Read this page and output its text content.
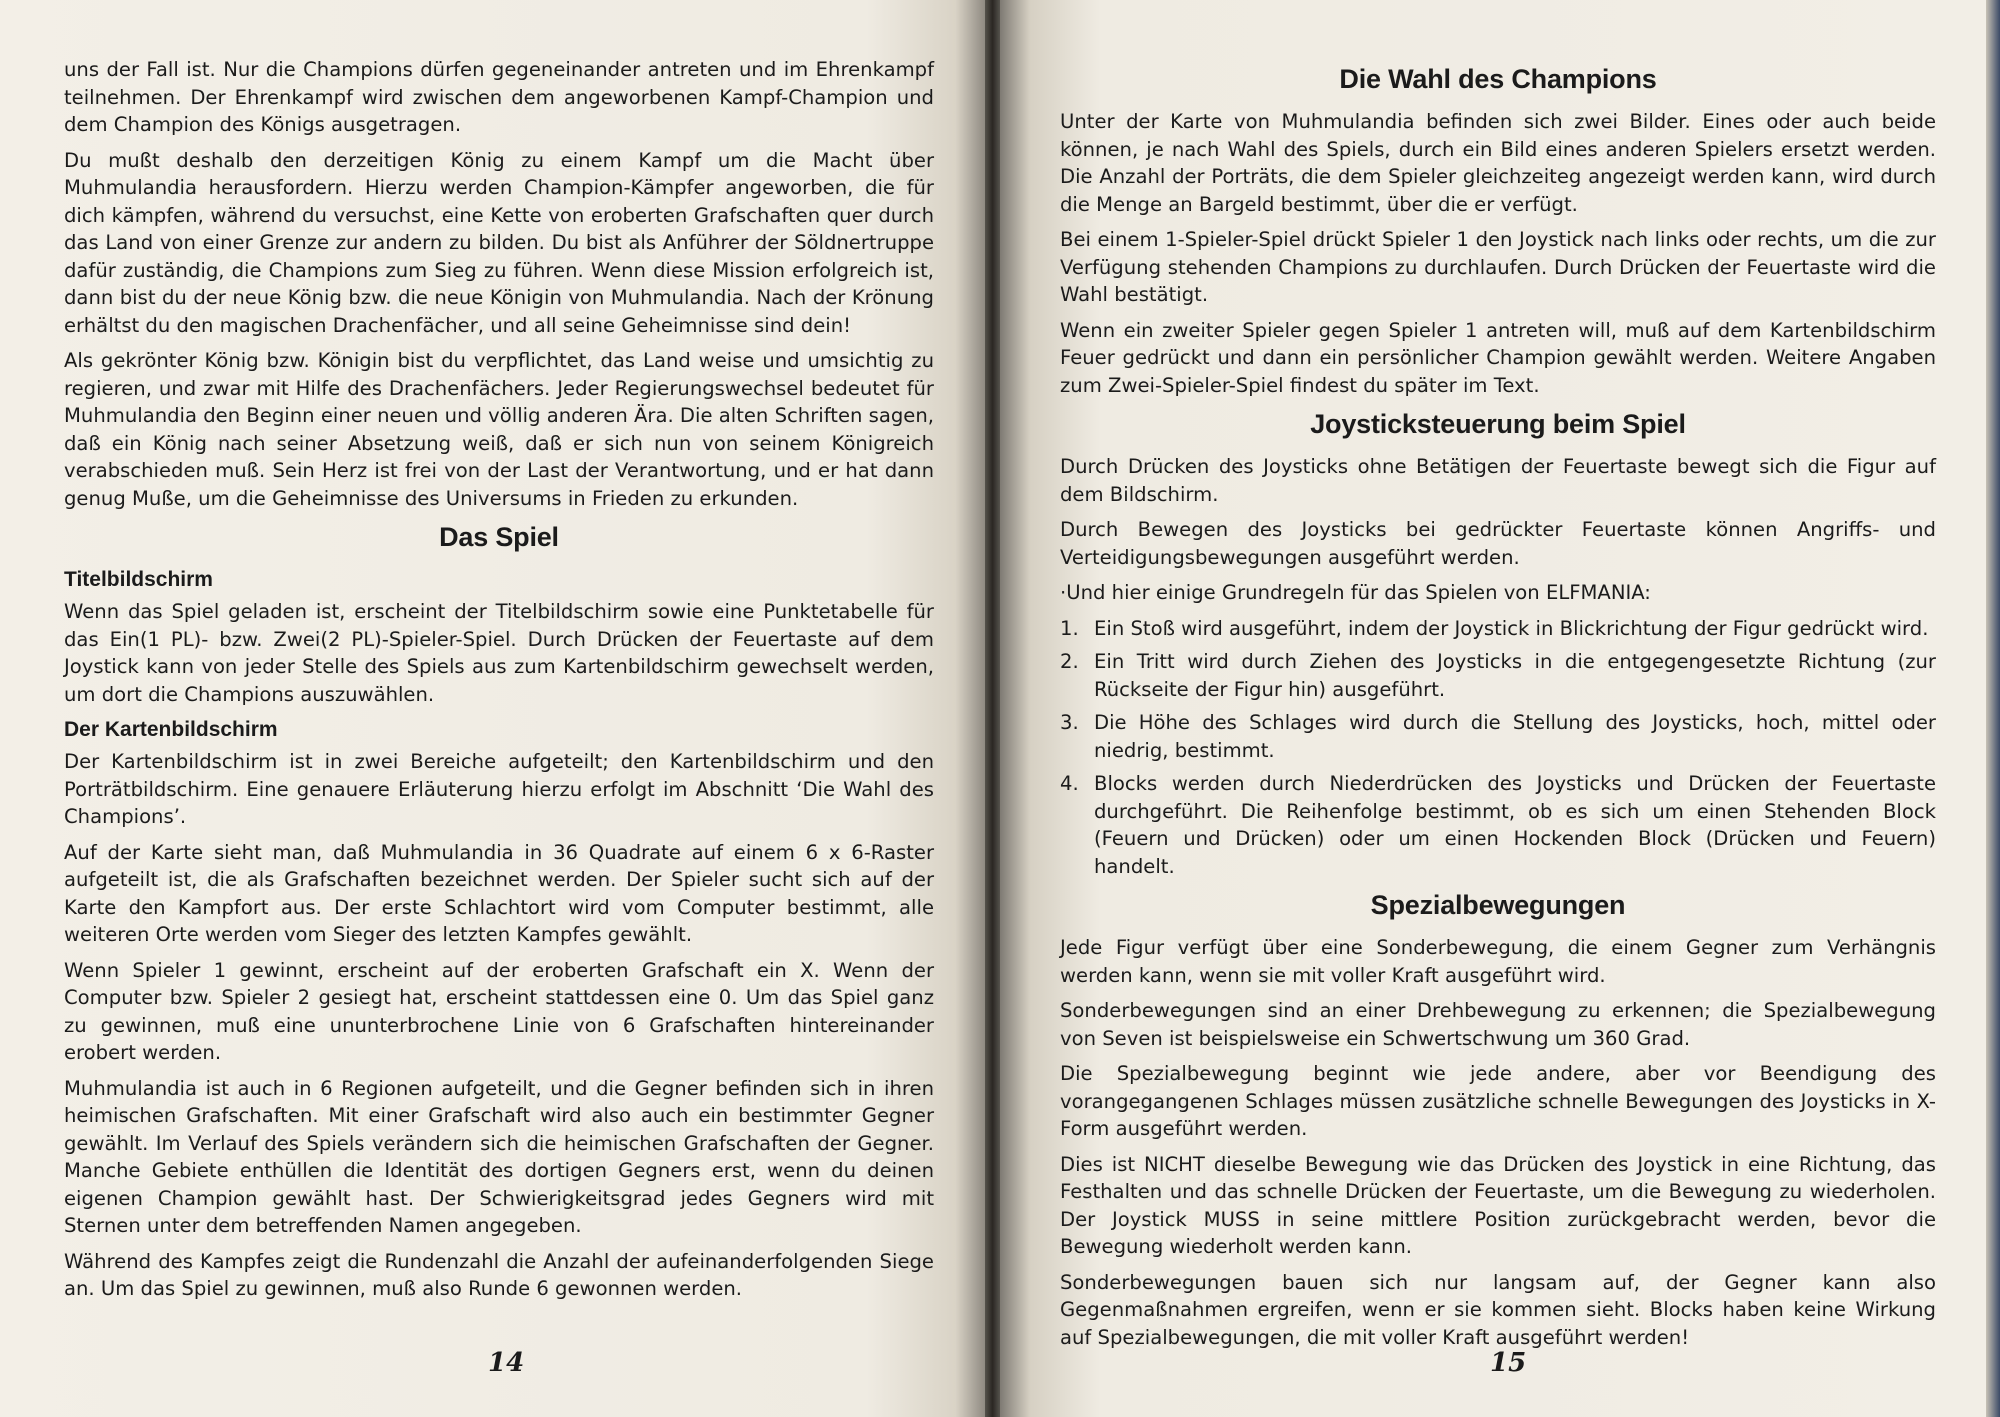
uns der Fall ist. Nur die Champions dürfen gegeneinander antreten und im Ehrenkampf teilnehmen. Der Ehrenkampf wird zwischen dem angeworbenen Kampf-Champion und dem Champion des Königs ausgetragen.

Du mußt deshalb den derzeitigen König zu einem Kampf um die Macht über Muhmulandia herausfordern. Hierzu werden Champion-Kämpfer angeworben, die für dich kämpfen, während du versuchst, eine Kette von eroberten Grafschaften quer durch das Land von einer Grenze zur andern zu bilden. Du bist als Anführer der Söldnertruppe dafür zuständig, die Champions zum Sieg zu führen. Wenn diese Mission erfolgreich ist, dann bist du der neue König bzw. die neue Königin von Muhmulandia. Nach der Krönung erhältst du den magischen Drachenfächer, und all seine Geheimnisse sind dein!

Als gekrönter König bzw. Königin bist du verpflichtet, das Land weise und umsichtig zu regieren, und zwar mit Hilfe des Drachenfächers. Jeder Regierungswechsel bedeutet für Muhmulandia den Beginn einer neuen und völlig anderen Ära. Die alten Schriften sagen, daß ein König nach seiner Absetzung weiß, daß er sich nun von seinem Königreich verabschieden muß. Sein Herz ist frei von der Last der Verantwortung, und er hat dann genug Muße, um die Geheimnisse des Universums in Frieden zu erkunden.

Das Spiel
Titelbildschirm

Wenn das Spiel geladen ist, erscheint der Titelbildschirm sowie eine Punktetabelle für das Ein(1 PL)- bzw. Zwei(2 PL)-Spieler-Spiel. Durch Drücken der Feuertaste auf dem Joystick kann von jeder Stelle des Spiels aus zum Kartenbildschirm gewechselt werden, um dort die Champions auszuwählen.

Der Kartenbildschirm

Der Kartenbildschirm ist in zwei Bereiche aufgeteilt; den Kartenbildschirm und den Porträtbildschirm. Eine genauere Erläuterung hierzu erfolgt im Abschnitt ‘Die Wahl des Champions’.

Auf der Karte sieht man, daß Muhmulandia in 36 Quadrate auf einem 6 x 6-Raster aufgeteilt ist, die als Grafschaften bezeichnet werden. Der Spieler sucht sich auf der Karte den Kampfort aus. Der erste Schlachtort wird vom Computer bestimmt, alle weiteren Orte werden vom Sieger des letzten Kampfes gewählt.

Wenn Spieler 1 gewinnt, erscheint auf der eroberten Grafschaft ein X. Wenn der Computer bzw. Spieler 2 gesiegt hat, erscheint stattdessen eine 0. Um das Spiel ganz zu gewinnen, muß eine ununterbrochene Linie von 6 Grafschaften hintereinander erobert werden.

Muhmulandia ist auch in 6 Regionen aufgeteilt, und die Gegner befinden sich in ihren heimischen Grafschaften. Mit einer Grafschaft wird also auch ein bestimmter Gegner gewählt. Im Verlauf des Spiels verändern sich die heimischen Grafschaften der Gegner. Manche Gebiete enthüllen die Identität des dortigen Gegners erst, wenn du deinen eigenen Champion gewählt hast. Der Schwierigkeitsgrad jedes Gegners wird mit Sternen unter dem betreffenden Namen angegeben.

Während des Kampfes zeigt die Rundenzahl die Anzahl der aufeinanderfolgenden Siege an. Um das Spiel zu gewinnen, muß also Runde 6 gewonnen werden.

14
Die Wahl des Champions

Unter der Karte von Muhmulandia befinden sich zwei Bilder. Eines oder auch beide können, je nach Wahl des Spiels, durch ein Bild eines anderen Spielers ersetzt werden. Die Anzahl der Porträts, die dem Spieler gleichzeiteg angezeigt werden kann, wird durch die Menge an Bargeld bestimmt, über die er verfügt.

Bei einem 1-Spieler-Spiel drückt Spieler 1 den Joystick nach links oder rechts, um die zur Verfügung stehenden Champions zu durchlaufen. Durch Drücken der Feuertaste wird die Wahl bestätigt.

Wenn ein zweiter Spieler gegen Spieler 1 antreten will, muß auf dem Kartenbildschirm Feuer gedrückt und dann ein persönlicher Champion gewählt werden. Weitere Angaben zum Zwei-Spieler-Spiel findest du später im Text.

Joysticksteuerung beim Spiel

Durch Drücken des Joysticks ohne Betätigen der Feuertaste bewegt sich die Figur auf dem Bildschirm.

Durch Bewegen des Joysticks bei gedrückter Feuertaste können Angriffs- und Verteidigungsbewegungen ausgeführt werden.

·Und hier einige Grundregeln für das Spielen von ELFMANIA:

1. Ein Stoß wird ausgeführt, indem der Joystick in Blickrichtung der Figur gedrückt wird.
2. Ein Tritt wird durch Ziehen des Joysticks in die entgegengesetzte Richtung (zur Rückseite der Figur hin) ausgeführt.
3. Die Höhe des Schlages wird durch die Stellung des Joysticks, hoch, mittel oder niedrig, bestimmt.
4. Blocks werden durch Niederdrücken des Joysticks und Drücken der Feuertaste durchgeführt. Die Reihenfolge bestimmt, ob es sich um einen Stehenden Block (Feuern und Drücken) oder um einen Hockenden Block (Drücken und Feuern) handelt.
Spezialbewegungen

Jede Figur verfügt über eine Sonderbewegung, die einem Gegner zum Verhängnis werden kann, wenn sie mit voller Kraft ausgeführt wird.

Sonderbewegungen sind an einer Drehbewegung zu erkennen; die Spezialbewegung von Seven ist beispielsweise ein Schwertschwung um 360 Grad.

Die Spezialbewegung beginnt wie jede andere, aber vor Beendigung des vorangegangenen Schlages müssen zusätzliche schnelle Bewegungen des Joysticks in X-Form ausgeführt werden.

Dies ist NICHT dieselbe Bewegung wie das Drücken des Joystick in eine Richtung, das Festhalten und das schnelle Drücken der Feuertaste, um die Bewegung zu wiederholen. Der Joystick MUSS in seine mittlere Position zurückgebracht werden, bevor die Bewegung wiederholt werden kann.

Sonderbewegungen bauen sich nur langsam auf, der Gegner kann also Gegenmaßnahmen ergreifen, wenn er sie kommen sieht. Blocks haben keine Wirkung auf Spezialbewegungen, die mit voller Kraft ausgeführt werden!

15
